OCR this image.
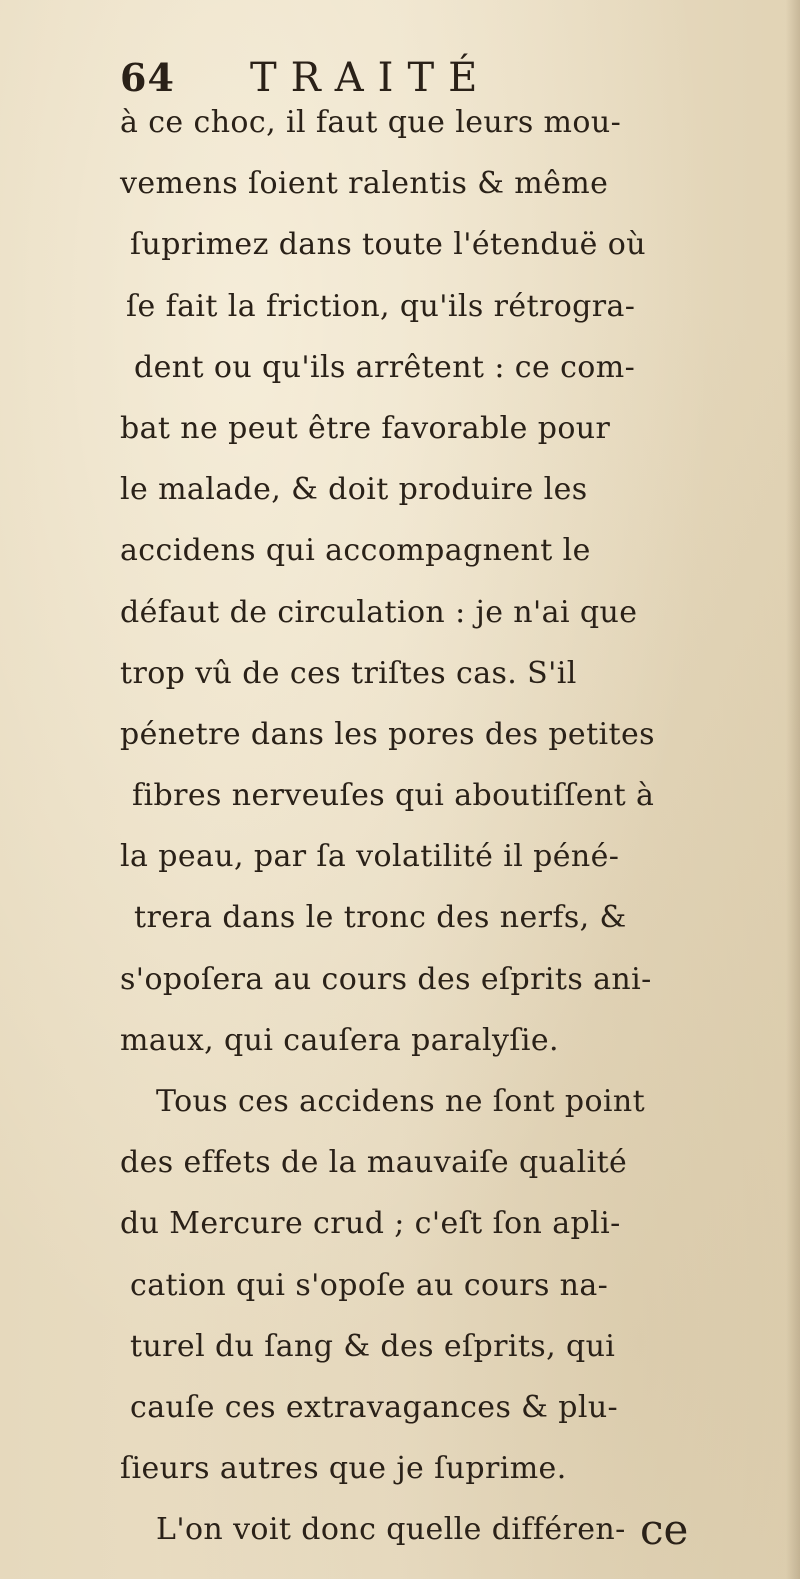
64 TRAITÉ
à ce choc, il faut que leurs mou-
vemens ſoient ralentis & même
ſuprimez dans toute l'étenduë où
ſe fait la friction, qu'ils rétrogra-
dent ou qu'ils arrêtent : ce com-
bat ne peut être favorable pour
le malade, & doit produire les
accidens qui accompagnent le
défaut de circulation : je n'ai que
trop vû de ces triſtes cas. S'il
pénetre dans les pores des petites
fibres nerveuſes qui aboutiſſent à
la peau, par ſa volatilité il péné-
trera dans le tronc des nerfs, &
s'opoſera au cours des eſprits ani-
maux, qui cauſera paralyſie.
Tous ces accidens ne ſont point
des effets de la mauvaiſe qualité
du Mercure crud ; c'eſt ſon apli-
cation qui s'opoſe au cours na-
turel du ſang & des eſprits, qui
cauſe ces extravagances & plu-
ſieurs autres que je ſuprime.
L'on voit donc quelle différen- ce
